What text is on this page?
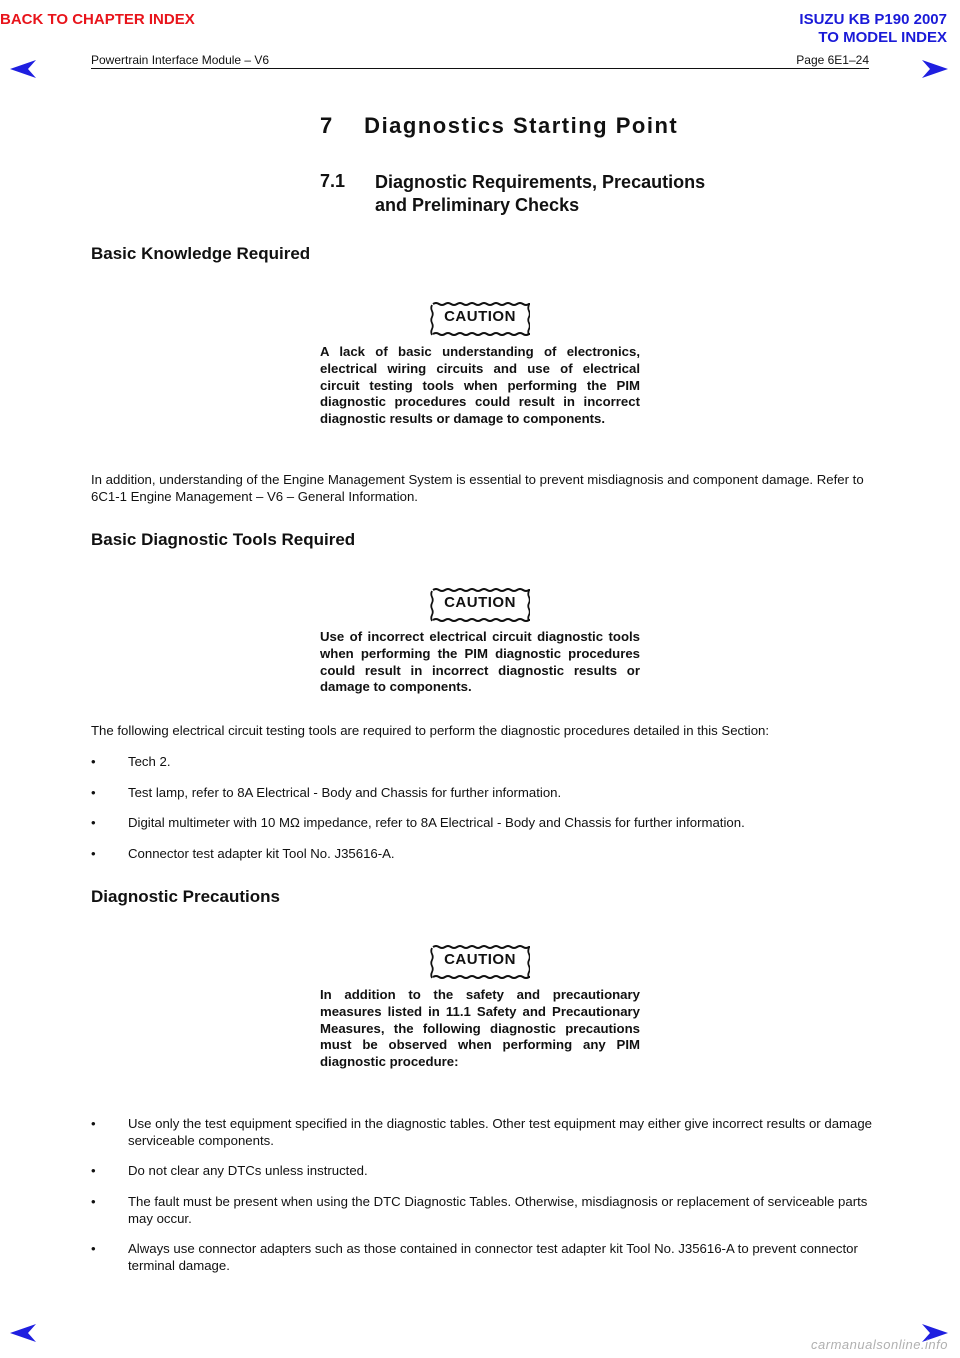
BACK TO CHAPTER INDEX	ISUZU KB P190 2007
TO MODEL INDEX
Powertrain Interface Module – V6	Page 6E1–24
7    Diagnostics Starting Point
7.1 Diagnostic Requirements, Precautions
and Preliminary Checks
Basic Knowledge Required
CAUTION

A lack of basic understanding of electronics, electrical wiring circuits and use of electrical circuit testing tools when performing the PIM diagnostic procedures could result in incorrect diagnostic results or damage to components.

In addition, understanding of the Engine Management System is essential to prevent misdiagnosis and component damage. Refer to 6C1-1 Engine Management – V6 – General Information.

Basic Diagnostic Tools Required
CAUTION

Use of incorrect electrical circuit diagnostic tools when performing the PIM diagnostic procedures could result in incorrect diagnostic results or damage to components.

The following electrical circuit testing tools are required to perform the diagnostic procedures detailed in this Section:

•	Tech 2.
•	Test lamp, refer to 8A Electrical - Body and Chassis for further information.
•	Digital multimeter with 10 MΩ impedance, refer to 8A Electrical - Body and Chassis for further information.
•	Connector test adapter kit Tool No. J35616-A.
Diagnostic Precautions
CAUTION

In addition to the safety and precautionary measures listed in 11.1 Safety and Precautionary Measures, the following diagnostic precautions must be observed when performing any PIM diagnostic procedure:

•	Use only the test equipment specified in the diagnostic tables. Other test equipment may either give incorrect results or damage serviceable components.
•	Do not clear any DTCs unless instructed.
•	The fault must be present when using the DTC Diagnostic Tables. Otherwise, misdiagnosis or replacement of serviceable parts may occur.
•	Always use connector adapters such as those contained in connector test adapter kit Tool No. J35616-A to prevent connector terminal damage.
carmanualsonline.info
